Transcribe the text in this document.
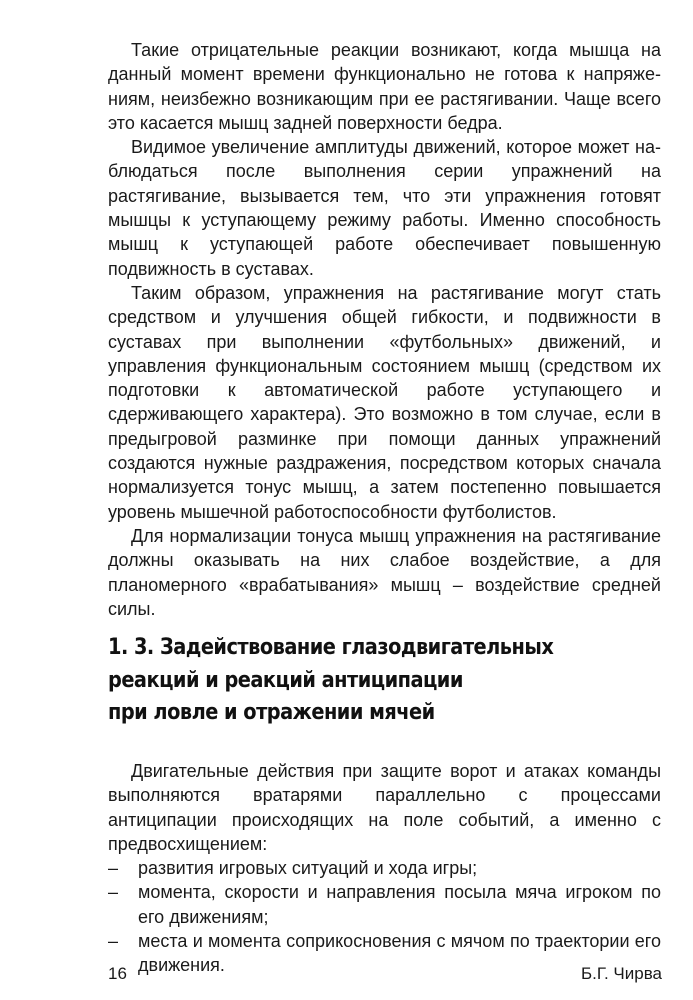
Такие отрицательные реакции возникают, когда мышца на данный момент времени функционально не готова к напряжениям, неизбежно возникающим при ее растягивании. Чаще всего это касается мышц задней поверхности бедра.

Видимое увеличение амплитуды движений, которое может наблюдаться после выполнения серии упражнений на растягивание, вызывается тем, что эти упражнения готовят мышцы к уступающему режиму работы. Именно способность мышц к уступающей работе обеспечивает повышенную подвижность в суставах.

Таким образом, упражнения на растягивание могут стать средством и улучшения общей гибкости, и подвижности в суставах при выполнении «футбольных» движений, и управления функциональным состоянием мышц (средством их подготовки к автоматической работе уступающего и сдерживающего характера). Это возможно в том случае, если в предыгровой разминке при помощи данных упражнений создаются нужные раздражения, посредством которых сначала нормализуется тонус мышц, а затем постепенно повышается уровень мышечной работоспособности футболистов.

Для нормализации тонуса мышц упражнения на растягивание должны оказывать на них слабое воздействие, а для планомерного «врабатывания» мышц – воздействие средней силы.

1. 3. Задействование глазодвигательных
реакций и реакций антиципации
при ловле и отражении мячей

Двигательные действия при защите ворот и атаках команды выполняются вратарями параллельно с процессами антиципации происходящих на поле событий, а именно с предвосхищением:

– развития игровых ситуаций и хода игры;
– момента, скорости и направления посыла мяча игроком по его движениям;
– места и момента соприкосновения с мячом по траектории его движения.
16	Б.Г. Чирва
